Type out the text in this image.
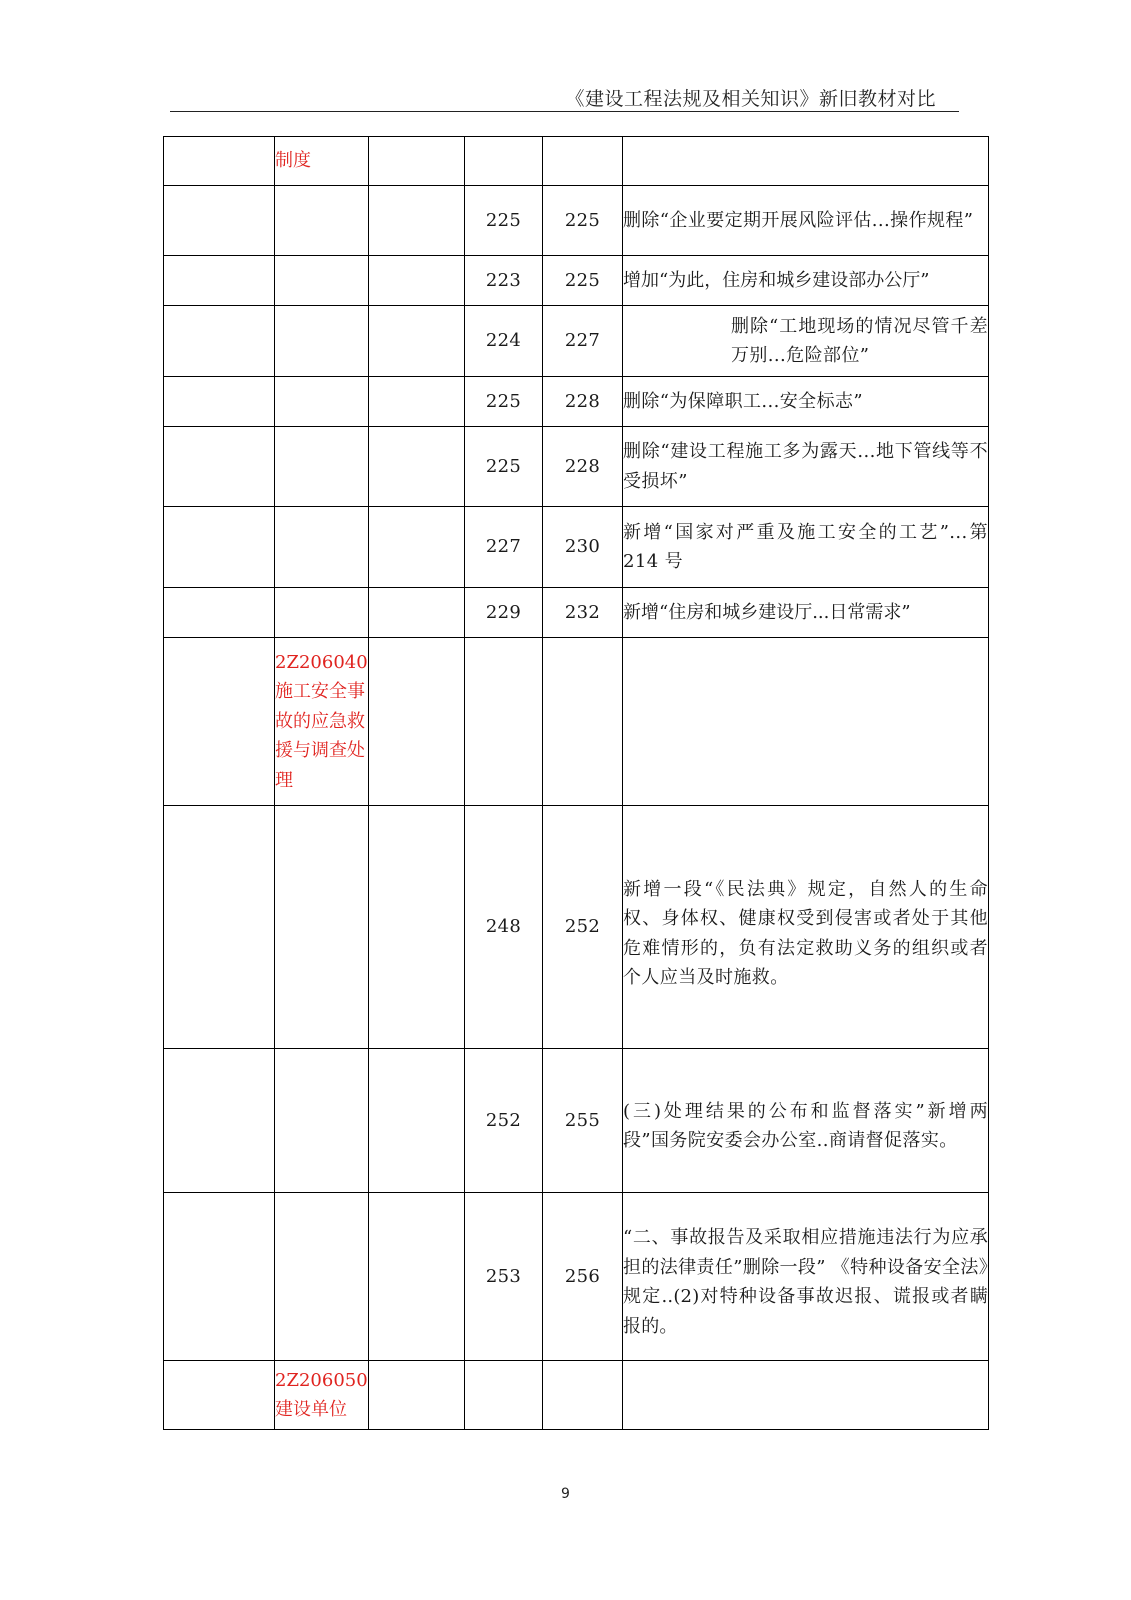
《建设工程法规及相关知识》新旧教材对比
	制度				
			225	225	删除“企业要定期开展风险评估...操作规程”
			223	225	增加“为此，住房和城乡建设部办公厅”
			224	227	删除“工地现场的情况尽管千差万别...危险部位”
			225	228	删除“为保障职工...安全标志”
			225	228	删除“建设工程施工多为露天...地下管线等不受损坏”
			227	230	新增“国家对严重及施工安全的工艺”...第 214 号
			229	232	新增“住房和城乡建设厅...日常需求”
	2Z206040 施工安全事故的应急救援与调查处理				
			248	252	新增一段“《民法典》规定，自然人的生命权、身体权、健康权受到侵害或者处于其他危难情形的，负有法定救助义务的组织或者个人应当及时施救。
			252	255	(三)处理结果的公布和监督落实”新增两段”国务院安委会办公室..商请督促落实。
			253	256	“二、事故报告及采取相应措施违法行为应承担的法律责任”删除一段” 《特种设备安全法》规定..(2)对特种设备事故迟报、谎报或者瞒报的。
	2Z206050 建设单位				
9
